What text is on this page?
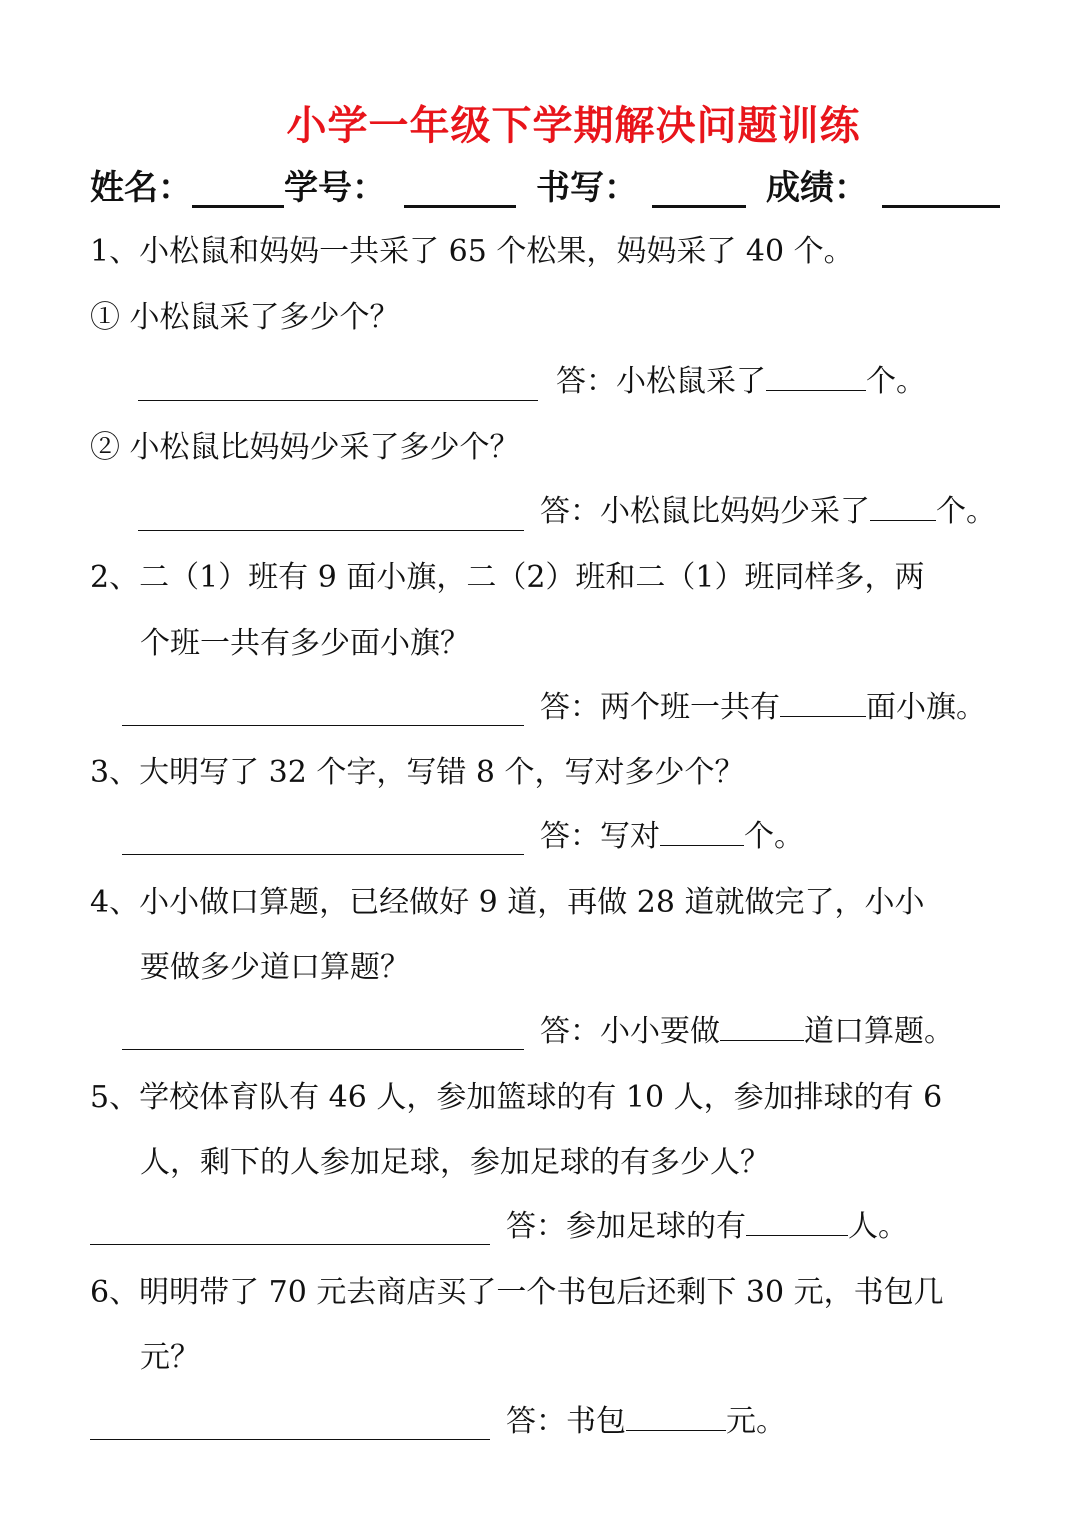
小学一年级下学期解决问题训练
姓名：	学号：	书写：	成绩：
1、小松鼠和妈妈一共采了 65 个松果，妈妈采了 40 个。
① 小松鼠采了多少个？
答：小松鼠采了	个。
② 小松鼠比妈妈少采了多少个？
答：小松鼠比妈妈少采了 个。
2、二（1）班有 9 面小旗，二（2）班和二（1）班同样多，两
个班一共有多少面小旗？
答：两个班一共有	面小旗。
3、大明写了 32 个字，写错 8 个，写对多少个？
答：写对	个。
4、小小做口算题，已经做好 9 道，再做 28 道就做完了，小小
要做多少道口算题？
答：小小要做	道口算题。
5、学校体育队有 46 人，参加篮球的有 10 人，参加排球的有 6
人，剩下的人参加足球，参加足球的有多少人？
答：参加足球的有	人。
6、明明带了 70 元去商店买了一个书包后还剩下 30 元，书包几
元？
答：书包	元。
